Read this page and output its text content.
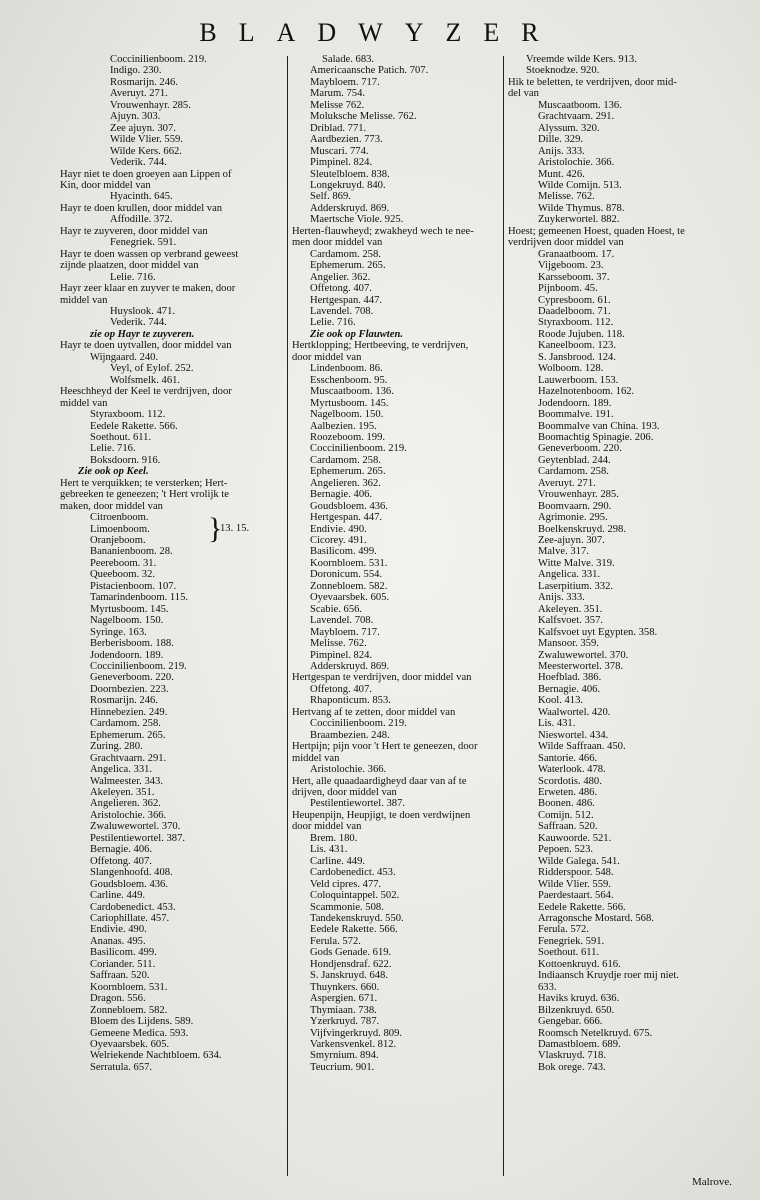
BLADWYZER
Coccinilienboom. 219.
Indigo. 230.
Rosmarijn. 246.
Averuyt. 271.
Vrouwenhayr. 285.
Ajuyn. 303.
Zee ajuyn. 307.
Wilde Vlier. 559.
Wilde Kers. 662.
Vederik. 744.
Hayr niet te doen groeyen aan Lippen of
Kin, door middel van
Hyacinth. 645.
Hayr te doen krullen, door middel van
Affodille. 372.
Hayr te zuyveren, door middel van
Fenegriek. 591.
Hayr te doen wassen op verbrand geweest
zijnde plaatzen, door middel van
Lelie. 716.
Hayr zeer klaar en zuyver te maken, door
middel van
Huyslook. 471.
Vederik. 744.
zie op Hayr te zuyveren.
Hayr te doen uytvallen, door middel van
Wijngaard. 240.
Veyl, of Eylof. 252.
Wolfsmelk. 461.
Heeschheyd der Keel te verdrijven, door
middel van
Styraxboom. 112.
Eedele Rakette. 566.
Soethout. 611.
Lelie. 716.
Boksdoorn. 916.
Zie ook op Keel.
Hert te verquikken; te versterken; Hert-
gebreeken te geneezen; 't Hert vrolijk te
maken, door middel van
Citroenboom. }
13. 15.
Limoenboom.
Oranjeboom.
Bananienboom. 28.
Peereboom. 31.
Queeboom. 32.
Pistacienboom. 107.
Tamarindenboom. 115.
Myrtusboom. 145.
Nagelboom. 150.
Syringe. 163.
Berberisboom. 188.
Jodendoorn. 189.
Coccinilienboom. 219.
Geneverboom. 220.
Doornbezien. 223.
Rosmarijn. 246.
Hinnebezien. 249.
Cardamom. 258.
Ephemerum. 265.
Zuring. 280.
Grachtvaarn. 291.
Angelica. 331.
Walmeester. 343.
Akeleyen. 351.
Angelieren. 362.
Aristolochie. 366.
Zwaluwewortel. 370.
Pestilentiewortel. 387.
Bernagie. 406.
Offetong. 407.
Slangenhoofd. 408.
Goudsbloem. 436.
Carline. 449.
Cardobenedict. 453.
Cariophillate. 457.
Endivie. 490.
Ananas. 495.
Basilicom. 499.
Coriander. 511.
Saffraan. 520.
Koornbloem. 531.
Dragon. 556.
Zonnebloem. 582.
Bloem des Lijdens. 589.
Gemeene Medica. 593.
Oyevaarsbek. 605.
Welriekende Nachtbloem. 634.
Serratula. 657.
Salade. 683.
Americaansche Patich. 707.
Maybloem. 717.
Marum. 754.
Melisse 762.
Moluksche Melisse. 762.
Driblad. 771.
Aardbezien. 773.
Muscari. 774.
Pimpinel. 824.
Sleutelbloem. 838.
Longekruyd. 840.
Self. 869.
Adderskruyd. 869.
Maertsche Viole. 925.
Herten-flauwheyd; zwakheyd wech te nee-
men door middel van
Cardamom. 258.
Ephemerum. 265.
Angelier. 362.
Offetong. 407.
Hertgespan. 447.
Lavendel. 708.
Lelie. 716.
Zie ook op Flauwten.
Hertklopping; Hertbeeving, te verdrijven,
door middel van
Lindenboom. 86.
Esschenboom. 95.
Muscaatboom. 136.
Myrtusboom. 145.
Nagelboom. 150.
Aalbezien. 195.
Roozeboom. 199.
Coccinilienboom. 219.
Cardamom. 258.
Ephemerum. 265.
Angelieren. 362.
Bernagie. 406.
Goudsbloem. 436.
Hertgespan. 447.
Endivie. 490.
Cicorey. 491.
Basilicom. 499.
Koornbloem. 531.
Doronicum. 554.
Zonnebloem. 582.
Oyevaarsbek. 605.
Scabie. 656.
Lavendel. 708.
Maybloem. 717.
Melisse. 762.
Pimpinel. 824.
Adderskruyd. 869.
Hertgespan te verdrijven, door middel van
Offetong. 407.
Rhaponticum. 853.
Hertvang af te zetten, door middel van
Coccinilienboom. 219.
Braambezien. 248.
Hertpijn; pijn voor 't Hert te geneezen, door
middel van
Aristolochie. 366.
Hert, alle quaadaardigheyd daar van af te
drijven, door middel van
Pestilentiewortel. 387.
Heupenpijn, Heupjigt, te doen verdwijnen
door middel van
Brem. 180.
Lis. 431.
Carline. 449.
Cardobenedict. 453.
Veld cipres. 477.
Coloquintappel. 502.
Scammonie. 508.
Tandekenskruyd. 550.
Eedele Rakette. 566.
Ferula. 572.
Gods Genade. 619.
Hondjensdraf. 622.
S. Janskruyd. 648.
Thuynkers. 660.
Aspergien. 671.
Thymiaan. 738.
Yzerkruyd. 787.
Vijfvingerkruyd. 809.
Varkensvenkel. 812.
Smyrnium. 894.
Teucrium. 901.
Vreemde wilde Kers. 913.
Stoeknodze. 920.
Hik te beletten, te verdrijven, door mid-
del van
Muscaatboom. 136.
Grachtvaarn. 291.
Alyssum. 320.
Dille. 329.
Anijs. 333.
Aristolochie. 366.
Munt. 426.
Wilde Comijn. 513.
Melisse. 762.
Wilde Thymus. 878.
Zuykerwortel. 882.
Hoest; gemeenen Hoest, quaden Hoest, te
verdrijven door middel van
Granaatboom. 17.
Vijgeboom. 23.
Karsseboom. 37.
Pijnboom. 45.
Cypresboom. 61.
Daadelboom. 71.
Styraxboom. 112.
Roode Jujuben. 118.
Kaneelboom. 123.
S. Jansbrood. 124.
Wolboom. 128.
Lauwerboom. 153.
Hazelnotenboom. 162.
Jodendoorn. 189.
Boommalve. 191.
Boommalve van China. 193.
Boomachtig Spinagie. 206.
Geneverboom. 220.
Geytenblad. 244.
Cardamom. 258.
Averuyt. 271.
Vrouwenhayr. 285.
Boomvaarn. 290.
Agrimonie. 295.
Boelkenskruyd. 298.
Zee-ajuyn. 307.
Malve. 317.
Witte Malve. 319.
Angelica. 331.
Laserpitium. 332.
Anijs. 333.
Akeleyen. 351.
Kalfsvoet. 357.
Kalfsvoet uyt Egypten. 358.
Mansoor. 359.
Zwaluwewortel. 370.
Meesterwortel. 378.
Hoefblad. 386.
Bernagie. 406.
Kool. 413.
Waalwortel. 420.
Lis. 431.
Nieswortel. 434.
Wilde Saffraan. 450.
Santorie. 466.
Waterlook. 478.
Scordotis. 480.
Erweten. 486.
Boonen. 486.
Comijn. 512.
Saffraan. 520.
Kauwoorde. 521.
Pepoen. 523.
Wilde Galega. 541.
Ridderspoor. 548.
Wilde Vlier. 559.
Paerdestaart. 564.
Eedele Rakette. 566.
Arragonsche Mostard. 568.
Ferula. 572.
Fenegriek. 591.
Soethout. 611.
Kottoenkruyd. 616.
Indiaansch Kruydje roer mij niet.
633.
Haviks kruyd. 636.
Bilzenkruyd. 650.
Gengebar. 666.
Roomsch Netelkruyd. 675.
Damastbloem. 689.
Vlaskruyd. 718.
Bok orege. 743.
Malrove.
